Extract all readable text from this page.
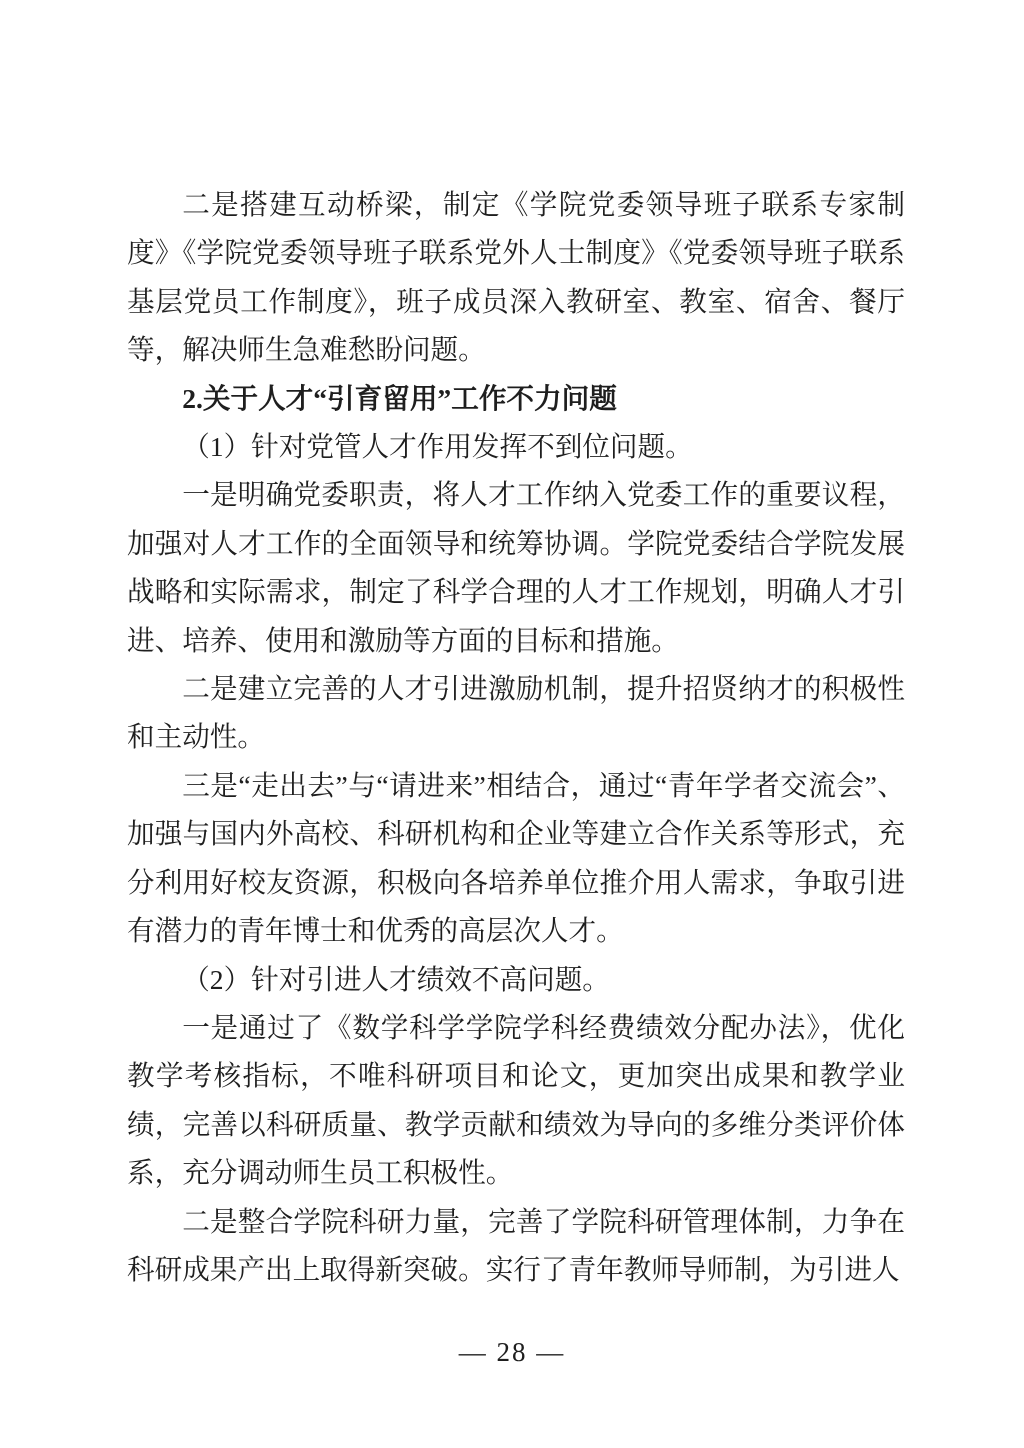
二是搭建互动桥梁，制定《学院党委领导班子联系专家制度》《学院党委领导班子联系党外人士制度》《党委领导班子联系基层党员工作制度》，班子成员深入教研室、教室、宿舍、餐厅等，解决师生急难愁盼问题。

2.关于人才“引育留用”工作不力问题

（1）针对党管人才作用发挥不到位问题。

一是明确党委职责，将人才工作纳入党委工作的重要议程，加强对人才工作的全面领导和统筹协调。学院党委结合学院发展战略和实际需求，制定了科学合理的人才工作规划，明确人才引进、培养、使用和激励等方面的目标和措施。

二是建立完善的人才引进激励机制，提升招贤纳才的积极性和主动性。

三是“走出去”与“请进来”相结合，通过“青年学者交流会”、加强与国内外高校、科研机构和企业等建立合作关系等形式，充分利用好校友资源，积极向各培养单位推介用人需求，争取引进有潜力的青年博士和优秀的高层次人才。

（2）针对引进人才绩效不高问题。

一是通过了《数学科学学院学科经费绩效分配办法》，优化教学考核指标，不唯科研项目和论文，更加突出成果和教学业绩，完善以科研质量、教学贡献和绩效为导向的多维分类评价体系，充分调动师生员工积极性。

二是整合学院科研力量，完善了学院科研管理体制，力争在科研成果产出上取得新突破。实行了青年教师导师制，为引进人

— 28 —
